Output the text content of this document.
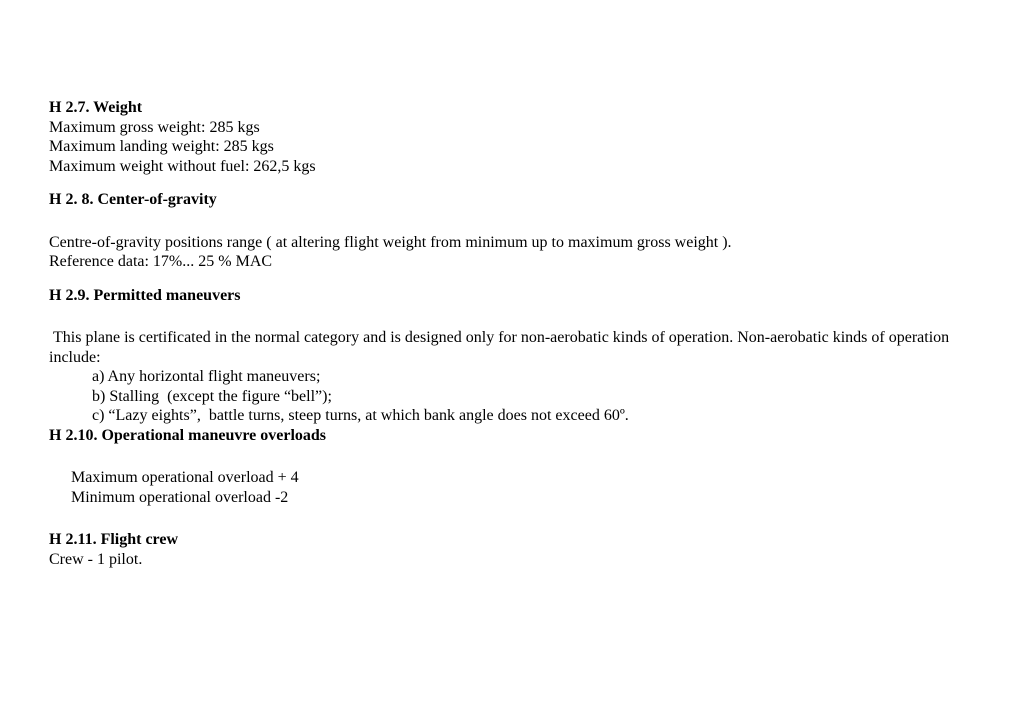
H 2.7. Weight

Maximum gross weight: 285 kgs

Maximum landing weight: 285 kgs

Maximum weight without fuel: 262,5 kgs

H 2. 8. Center-of-gravity

Centre-of-gravity positions range ( at altering flight weight from minimum up to maximum gross weight ).

Reference data: 17%... 25 % MAC

H 2.9. Permitted maneuvers

This plane is certificated in the normal category and is designed only for non-aerobatic kinds of operation. Non-aerobatic kinds of operation include:

a) Any horizontal flight maneuvers;

b) Stalling  (except the figure “bell”);

c) “Lazy eights”,  battle turns, steep turns, at which bank angle does not exceed 60º.

H 2.10. Operational manеuvre overloads

Maximum operational overload + 4

Minimum operational overload -2

H 2.11. Flight crew

Crew - 1 pilot.
